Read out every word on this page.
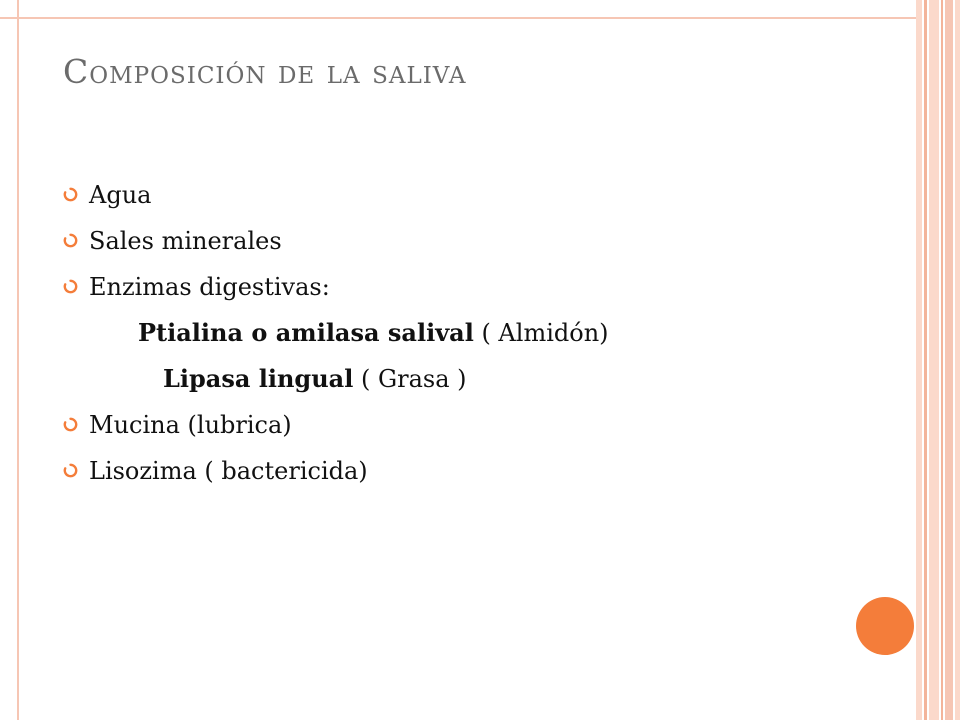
Composición de la saliva
Agua
Sales minerales
Enzimas digestivas:
Ptialina o amilasa salival ( Almidón)
Lipasa lingual ( Grasa )
Mucina (lubrica)
Lisozima ( bactericida)
